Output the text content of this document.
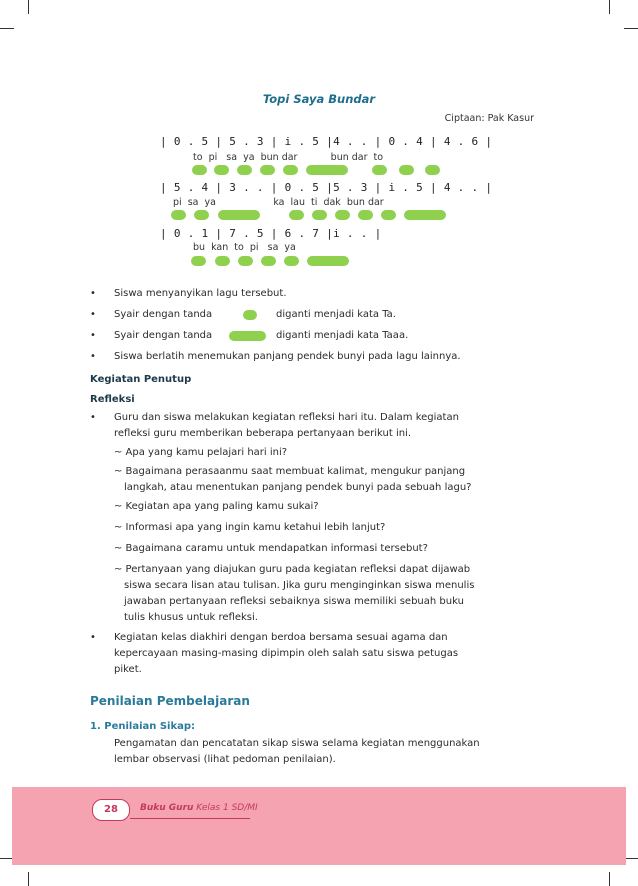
Topi Saya Bundar
Ciptaan: Pak Kasur
| 0 . 5 | 5 . 3 | i̇ . 5 |4 . . | 0 . 4 | 4 . 6 |
to  pi   sa  ya  bun dar           bun dar  to
| 5 . 4 | 3 . . | 0 . 5 |5 . 3 | i̇ . 5 | 4 . . |
pi  sa  ya                   ka  lau  ti  dak  bun dar
| 0 . 1 | 7 . 5 | 6 . 7 |i̇ . . |
bu  kan  to  pi   sa  ya
• Siswa menyanyikan lagu tersebut.
• Syair dengan tanda	diganti menjadi kata Ta.
• Syair dengan tanda	diganti menjadi kata Taaa.
• Siswa berlatih menemukan panjang pendek bunyi pada lagu lainnya.
Kegiatan Penutup
Refleksi
• Guru dan siswa melakukan kegiatan refleksi hari itu. Dalam kegiatan
refleksi guru memberikan beberapa pertanyaan berikut ini.
~ Apa yang kamu pelajari hari ini?
~ Bagaimana perasaanmu saat membuat kalimat, mengukur panjang
langkah, atau menentukan panjang pendek bunyi pada sebuah lagu?
~ Kegiatan apa yang paling kamu sukai?
~ Informasi apa yang ingin kamu ketahui lebih lanjut?
~ Bagaimana caramu untuk mendapatkan informasi tersebut?
~ Pertanyaan yang diajukan guru pada kegiatan refleksi dapat dijawab
siswa secara lisan atau tulisan. Jika guru menginginkan siswa menulis
jawaban pertanyaan refleksi sebaiknya siswa memiliki sebuah buku
tulis khusus untuk refleksi.
• Kegiatan kelas diakhiri dengan berdoa bersama sesuai agama dan
kepercayaan masing-masing dipimpin oleh salah satu siswa petugas
piket.
Penilaian Pembelajaran
1. Penilaian Sikap:
Pengamatan dan pencatatan sikap siswa selama kegiatan menggunakan
lembar observasi (lihat pedoman penilaian).
28	Buku Guru Kelas 1 SD/MI
